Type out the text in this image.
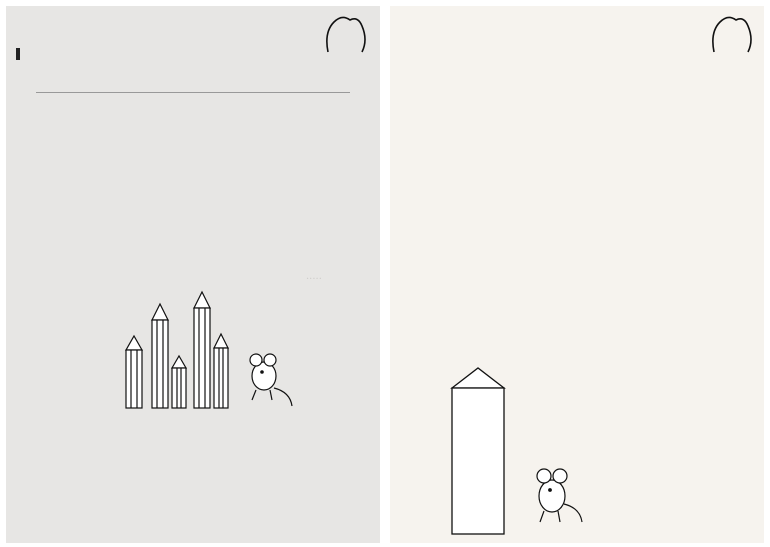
·····
